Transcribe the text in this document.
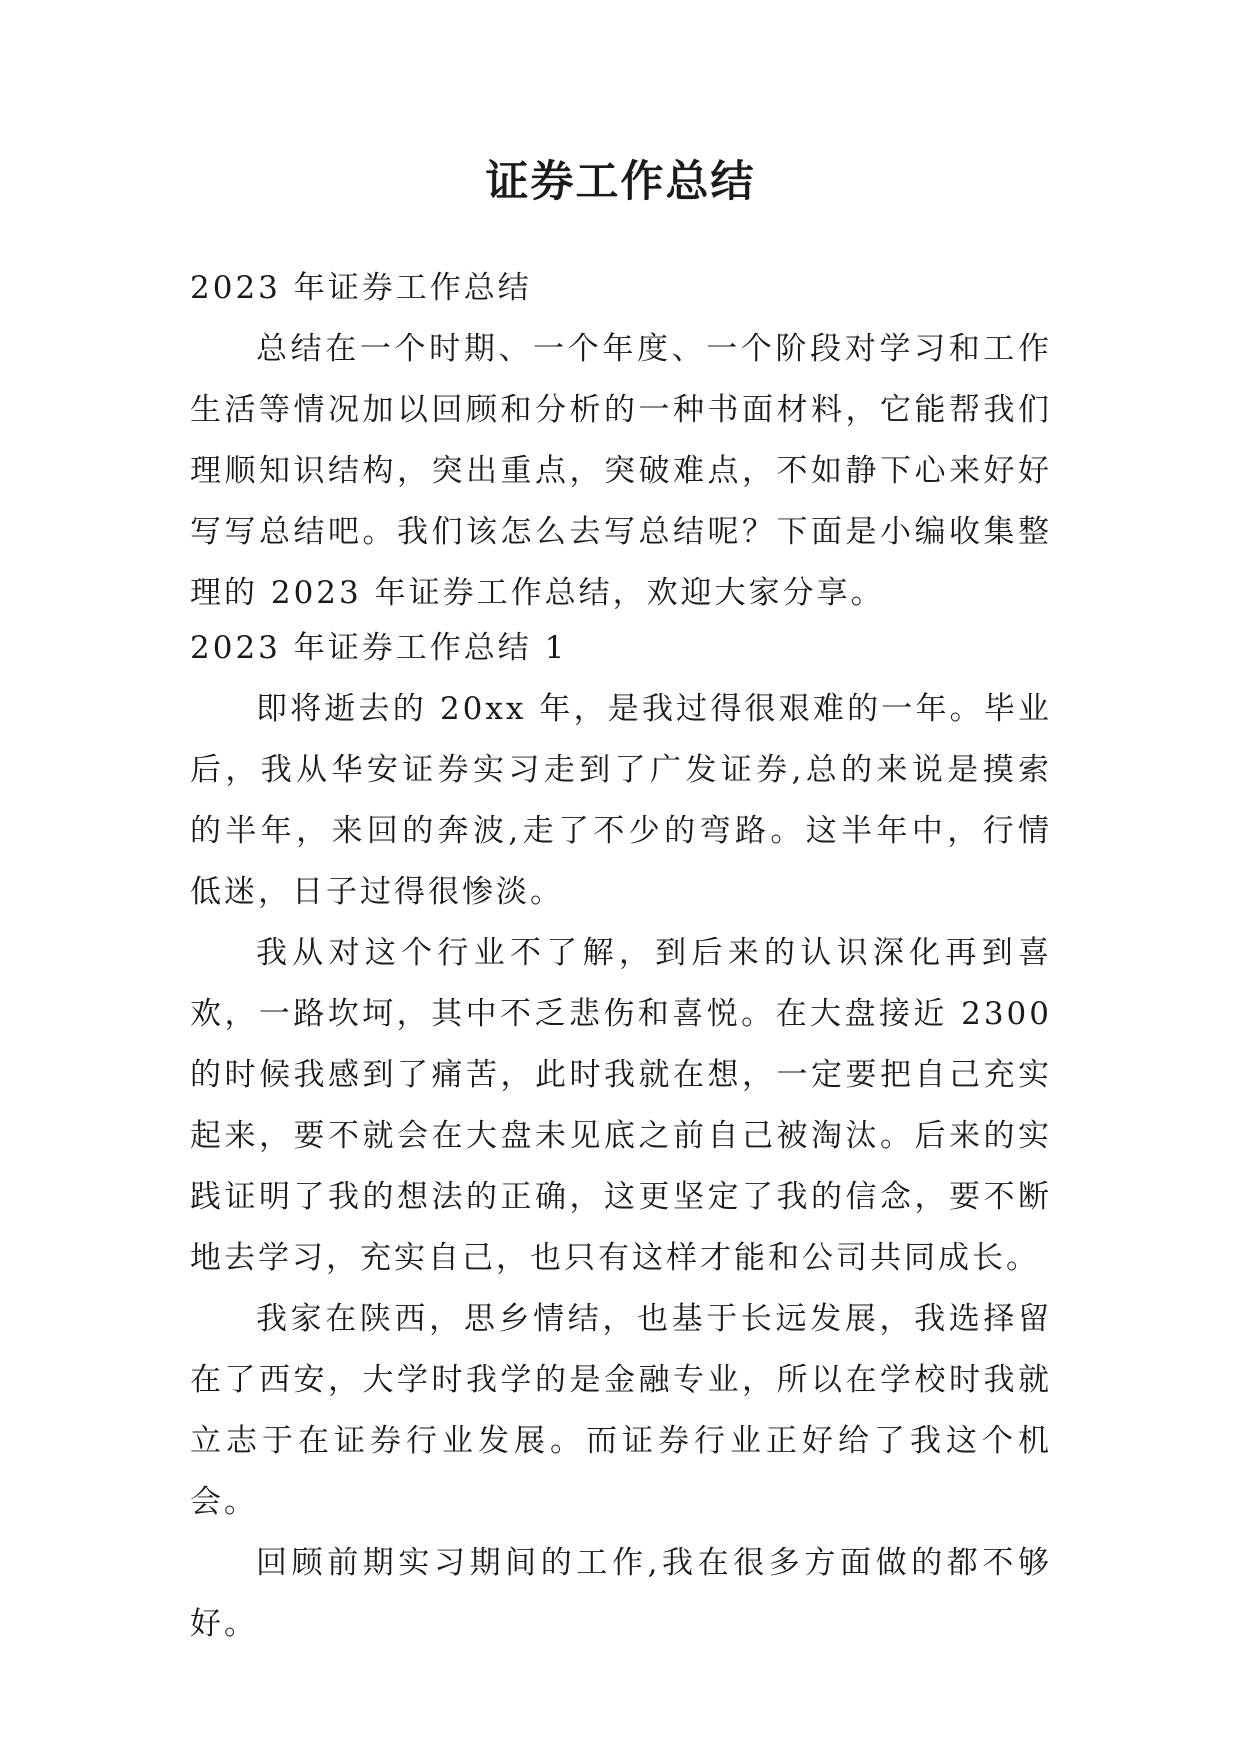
证券工作总结
2023 年证券工作总结
总结在一个时期、一个年度、一个阶段对学习和工作生活等情况加以回顾和分析的一种书面材料，它能帮我们理顺知识结构，突出重点，突破难点，不如静下心来好好写写总结吧。我们该怎么去写总结呢？下面是小编收集整理的 2023 年证券工作总结，欢迎大家分享。
2023 年证券工作总结 1
即将逝去的 20xx 年，是我过得很艰难的一年。毕业后，我从华安证券实习走到了广发证券,总的来说是摸索的半年，来回的奔波,走了不少的弯路。这半年中，行情低迷，日子过得很惨淡。
我从对这个行业不了解，到后来的认识深化再到喜欢，一路坎坷，其中不乏悲伤和喜悦。在大盘接近 2300 的时候我感到了痛苦，此时我就在想，一定要把自己充实起来，要不就会在大盘未见底之前自己被淘汰。后来的实践证明了我的想法的正确，这更坚定了我的信念，要不断地去学习，充实自己，也只有这样才能和公司共同成长。
我家在陕西，思乡情结，也基于长远发展，我选择留在了西安，大学时我学的是金融专业，所以在学校时我就立志于在证券行业发展。而证券行业正好给了我这个机会。
回顾前期实习期间的工作,我在很多方面做的都不够好。
